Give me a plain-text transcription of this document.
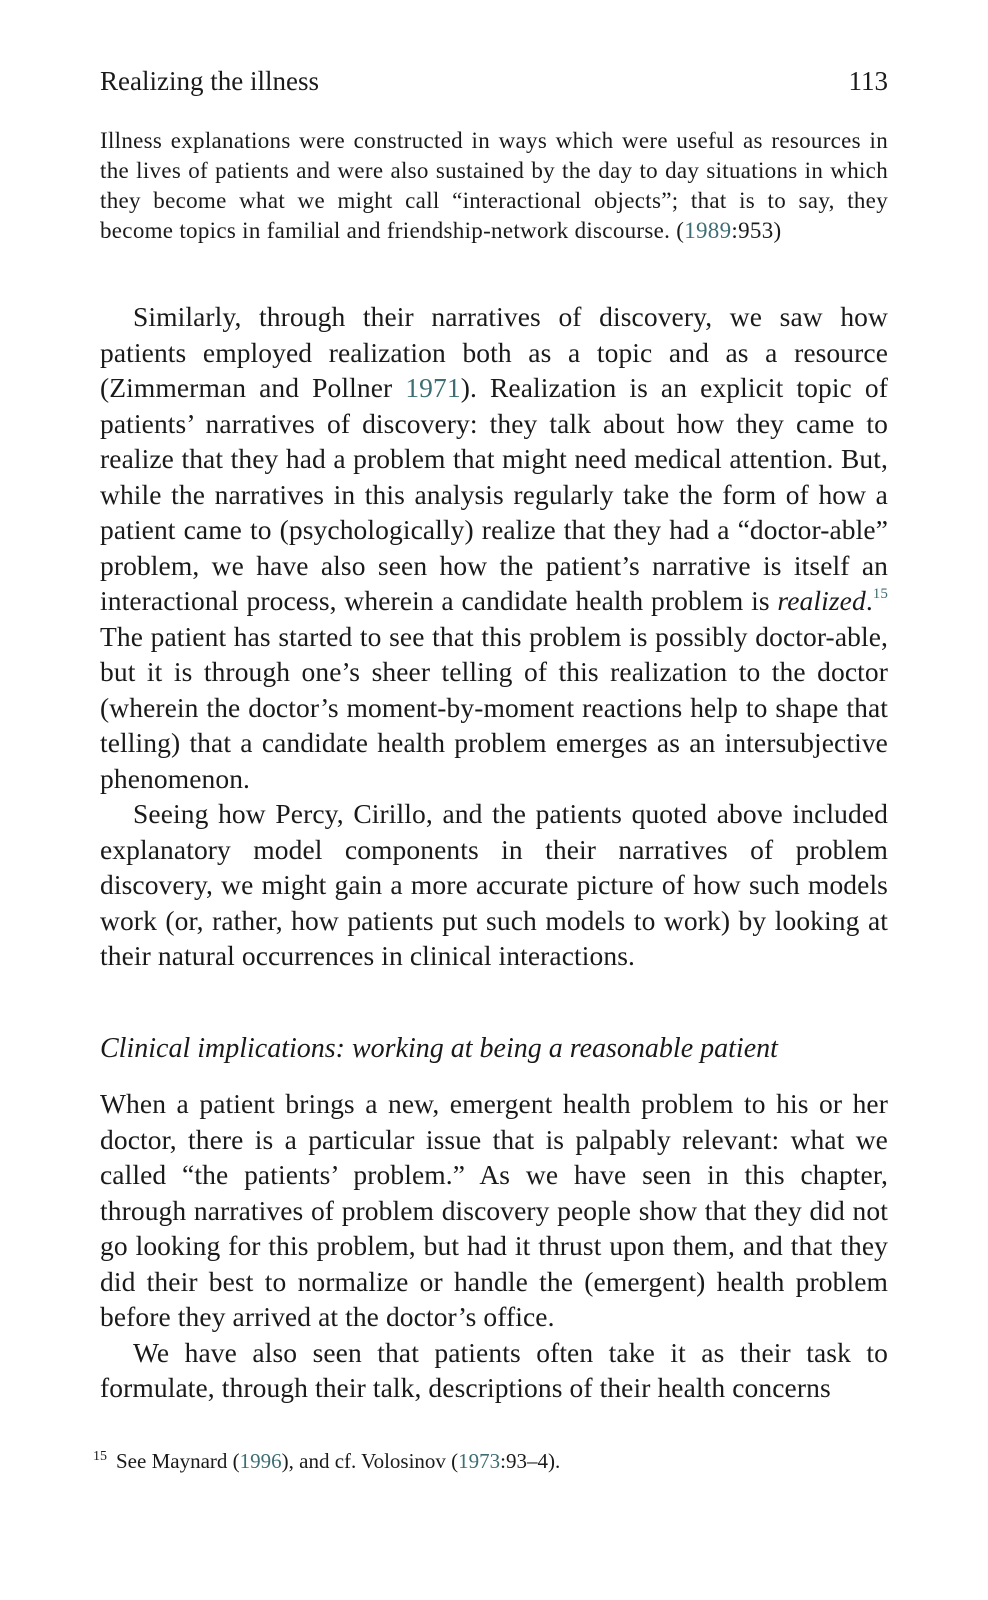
Realizing the illness	113
Illness explanations were constructed in ways which were useful as resources in the lives of patients and were also sustained by the day to day situations in which they become what we might call “interactional objects”; that is to say, they become topics in familial and friendship-network discourse. (1989:953)

Similarly, through their narratives of discovery, we saw how patients employed realization both as a topic and as a resource (Zimmerman and Pollner 1971). Realization is an explicit topic of patients’ narratives of discovery: they talk about how they came to realize that they had a problem that might need medical attention. But, while the narratives in this analysis regularly take the form of how a patient came to (psychologically) realize that they had a “doctor-able” problem, we have also seen how the patient’s narrative is itself an interactional process, wherein a candidate health problem is realized.$^{15}$ The patient has started to see that this problem is possibly doctor-able, but it is through one’s sheer telling of this realization to the doctor (wherein the doctor’s moment-by-moment reactions help to shape that telling) that a candidate health problem emerges as an intersubjective phenomenon.

Seeing how Percy, Cirillo, and the patients quoted above included explanatory model components in their narratives of problem discovery, we might gain a more accurate picture of how such models work (or, rather, how patients put such models to work) by looking at their natural occurrences in clinical interactions.

Clinical implications: working at being a reasonable patient

When a patient brings a new, emergent health problem to his or her doctor, there is a particular issue that is palpably relevant: what we called “the patients’ problem.” As we have seen in this chapter, through narratives of problem discovery people show that they did not go looking for this problem, but had it thrust upon them, and that they did their best to normalize or handle the (emergent) health problem before they arrived at the doctor’s office.

We have also seen that patients often take it as their task to formulate, through their talk, descriptions of their health concerns

$^{15}$ See Maynard (1996), and cf. Volosinov (1973:93–4).
